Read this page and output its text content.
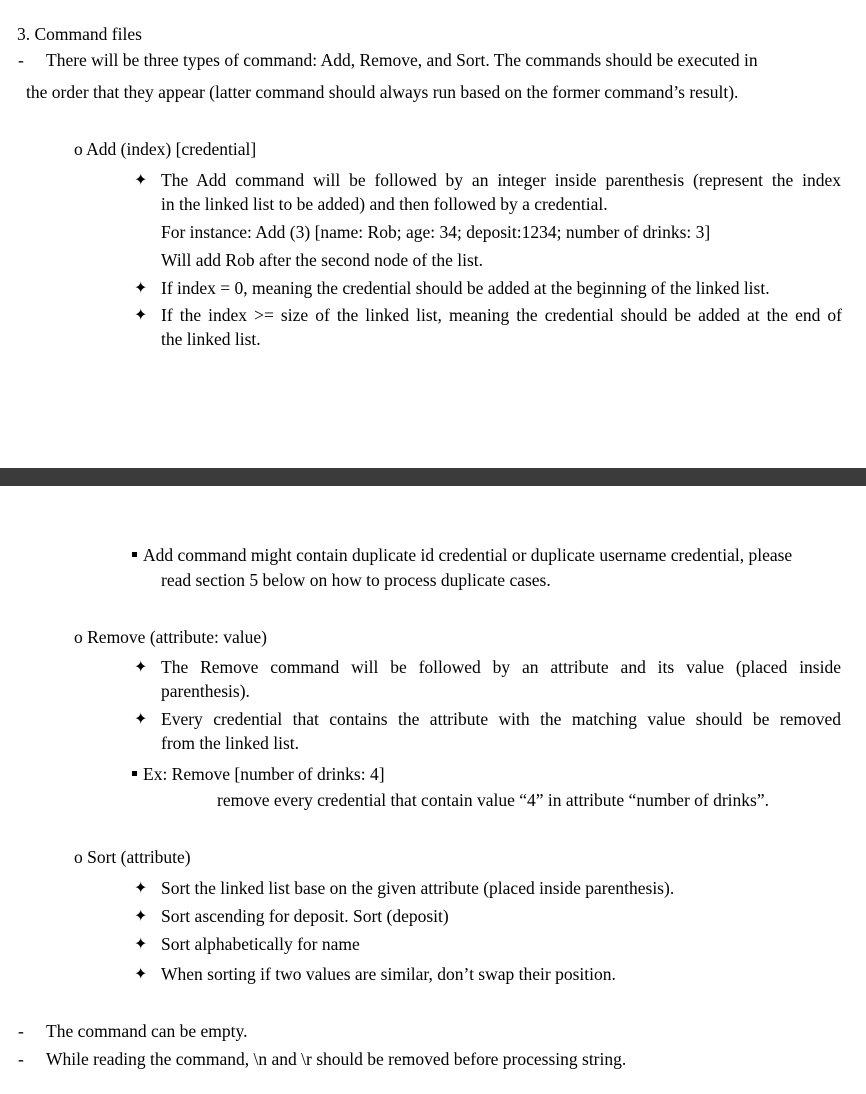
3. Command files
- There will be three types of command: Add, Remove, and Sort. The commands should be executed in
the order that they appear (latter command should always run based on the former command’s result).
o Add (index) [credential]
✦ The Add command will be followed by an integer inside parenthesis (represent the index
in the linked list to be added) and then followed by a credential.
For instance: Add (3) [name: Rob; age: 34; deposit:1234; number of drinks: 3]
Will add Rob after the second node of the list.
✦ If index = 0, meaning the credential should be added at the beginning of the linked list.
✦ If the index >= size of the linked list, meaning the credential should be added at the end of
the linked list.
Add command might contain duplicate id credential or duplicate username credential, please
read section 5 below on how to process duplicate cases.
o Remove (attribute: value)
✦ The Remove command will be followed by an attribute and its value (placed inside
parenthesis).
✦ Every credential that contains the attribute with the matching value should be removed
from the linked list.
Ex: Remove [number of drinks: 4]
remove every credential that contain value “4” in attribute “number of drinks”.
o Sort (attribute)
✦ Sort the linked list base on the given attribute (placed inside parenthesis).
✦ Sort ascending for deposit. Sort (deposit)
✦ Sort alphabetically for name
✦ When sorting if two values are similar, don’t swap their position.
- The command can be empty.
- While reading the command, \n and \r should be removed before processing string.
